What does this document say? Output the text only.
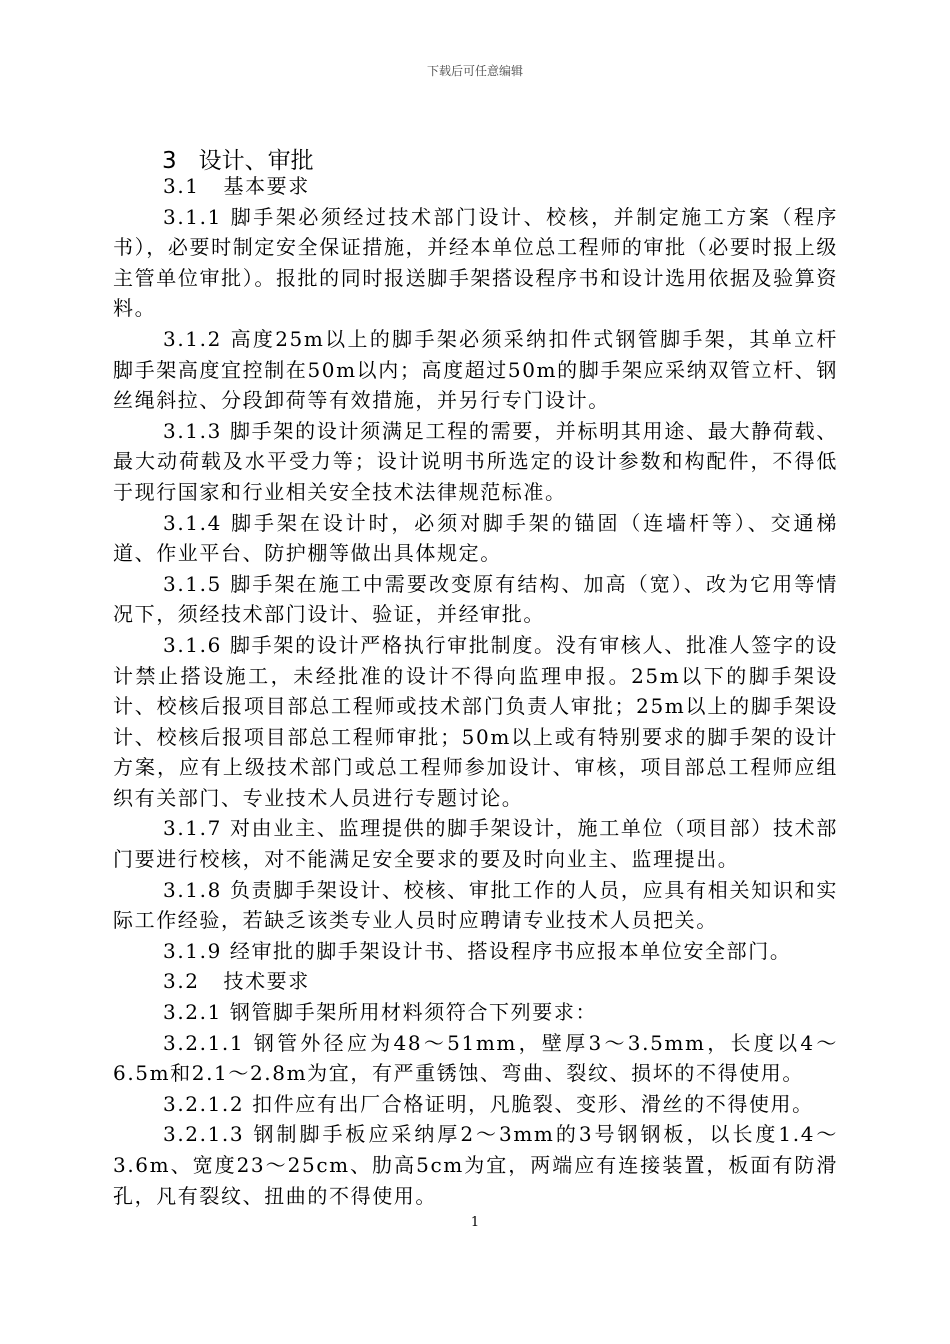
下载后可任意编辑
3   设计、审批

3.1   基本要求

3.1.1 脚手架必须经过技术部门设计、校核，并制定施工方案（程序书），必要时制定安全保证措施，并经本单位总工程师的审批（必要时报上级主管单位审批）。报批的同时报送脚手架搭设程序书和设计选用依据及验算资料。

3.1.2 高度25m以上的脚手架必须采纳扣件式钢管脚手架，其单立杆脚手架高度宜控制在50m以内；高度超过50m的脚手架应采纳双管立杆、钢丝绳斜拉、分段卸荷等有效措施，并另行专门设计。

3.1.3 脚手架的设计须满足工程的需要，并标明其用途、最大静荷载、最大动荷载及水平受力等；设计说明书所选定的设计参数和构配件，不得低于现行国家和行业相关安全技术法律规范标准。

3.1.4 脚手架在设计时，必须对脚手架的锚固（连墙杆等）、交通梯道、作业平台、防护棚等做出具体规定。

3.1.5 脚手架在施工中需要改变原有结构、加高（宽）、改为它用等情况下，须经技术部门设计、验证，并经审批。

3.1.6 脚手架的设计严格执行审批制度。没有审核人、批准人签字的设计禁止搭设施工，未经批准的设计不得向监理申报。25m以下的脚手架设计、校核后报项目部总工程师或技术部门负责人审批；25m以上的脚手架设计、校核后报项目部总工程师审批；50m以上或有特别要求的脚手架的设计方案，应有上级技术部门或总工程师参加设计、审核，项目部总工程师应组织有关部门、专业技术人员进行专题讨论。

3.1.7 对由业主、监理提供的脚手架设计，施工单位（项目部）技术部门要进行校核，对不能满足安全要求的要及时向业主、监理提出。

3.1.8 负责脚手架设计、校核、审批工作的人员，应具有相关知识和实际工作经验，若缺乏该类专业人员时应聘请专业技术人员把关。

3.1.9 经审批的脚手架设计书、搭设程序书应报本单位安全部门。

3.2   技术要求

3.2.1 钢管脚手架所用材料须符合下列要求：

3.2.1.1 钢管外径应为48～51mm，壁厚3～3.5mm，长度以4～6.5m和2.1～2.8m为宜，有严重锈蚀、弯曲、裂纹、损坏的不得使用。

3.2.1.2 扣件应有出厂合格证明，凡脆裂、变形、滑丝的不得使用。

3.2.1.3 钢制脚手板应采纳厚2～3mm的3号钢钢板，以长度1.4～3.6m、宽度23～25cm、肋高5cm为宜，两端应有连接装置，板面有防滑孔，凡有裂纹、扭曲的不得使用。

1
